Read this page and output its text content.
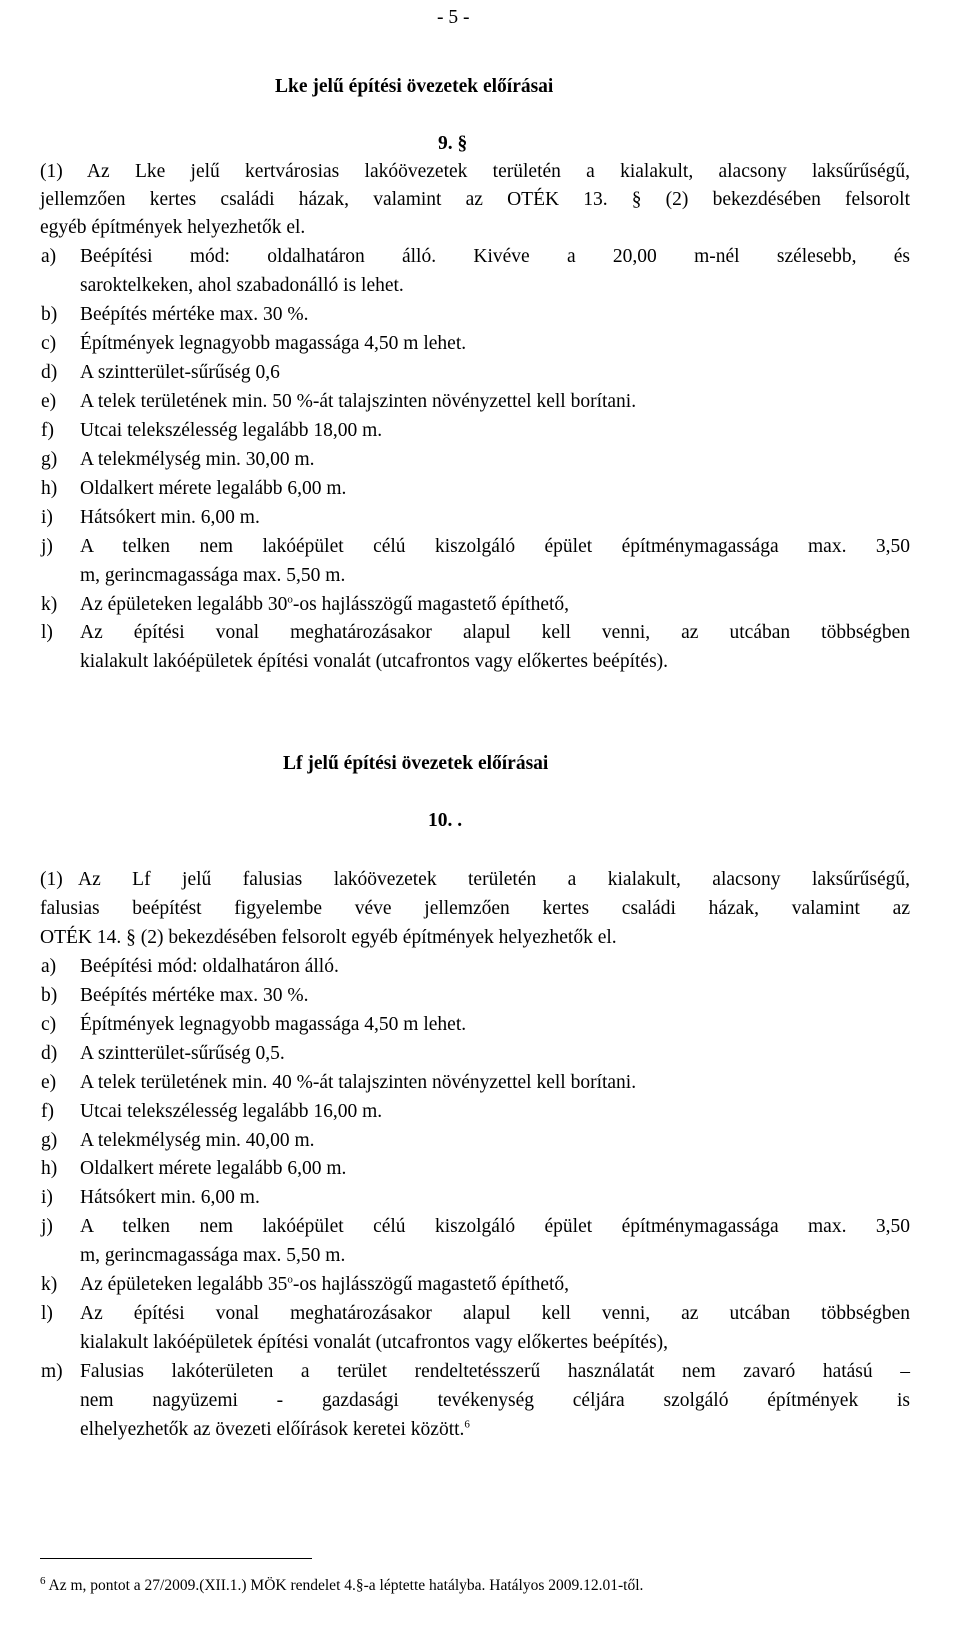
- 5 -
Lke jelű építési övezetek előírásai
9. §
(1) Az Lke jelű kertvárosias lakóövezetek területén a kialakult, alacsony laksűrűségű,
jellemzően kertes családi házak, valamint az OTÉK 13. § (2) bekezdésében felsorolt
egyéb építmények helyezhetők el.
a) Beépítési mód: oldalhatáron álló. Kivéve a 20,00 m-nél szélesebb, és
saroktelkeken, ahol szabadonálló is lehet.
b) Beépítés mértéke max. 30 %.
c) Építmények legnagyobb magassága 4,50 m lehet.
d) A szintterület-sűrűség 0,6
e) A telek területének min. 50 %-át talajszinten növényzettel kell borítani.
f) Utcai telekszélesség legalább 18,00 m.
g) A telekmélység min. 30,00 m.
h) Oldalkert mérete legalább 6,00 m.
i) Hátsókert min. 6,00 m.
j) A telken nem lakóépület célú kiszolgáló épület építménymagassága max. 3,50
m, gerincmagassága max. 5,50 m.
k) Az épületeken legalább 30$^o$-os hajlásszögű magastető építhető,
l) Az építési vonal meghatározásakor alapul kell venni, az utcában többségben
kialakult lakóépületek építési vonalát (utcafrontos vagy előkertes beépítés).
Lf jelű építési övezetek előírásai
10. .
(1) Az Lf jelű falusias lakóövezetek területén a kialakult, alacsony laksűrűségű,
falusias beépítést figyelembe véve jellemzően kertes családi házak, valamint az
OTÉK 14. § (2) bekezdésében felsorolt egyéb építmények helyezhetők el.
a) Beépítési mód: oldalhatáron álló.
b) Beépítés mértéke max. 30 %.
c) Építmények legnagyobb magassága 4,50 m lehet.
d) A szintterület-sűrűség 0,5.
e) A telek területének min. 40 %-át talajszinten növényzettel kell borítani.
f) Utcai telekszélesség legalább 16,00 m.
g) A telekmélység min. 40,00 m.
h) Oldalkert mérete legalább 6,00 m.
i) Hátsókert min. 6,00 m.
j) A telken nem lakóépület célú kiszolgáló épület építménymagassága max. 3,50
m, gerincmagassága max. 5,50 m.
k) Az épületeken legalább 35$^o$-os hajlásszögű magastető építhető,
l) Az építési vonal meghatározásakor alapul kell venni, az utcában többségben
kialakult lakóépületek építési vonalát (utcafrontos vagy előkertes beépítés),
m) Falusias lakóterületen a terület rendeltetésszerű használatát nem zavaró hatású –
nem nagyüzemi - gazdasági tevékenység céljára szolgáló építmények is
elhelyezhetők az övezeti előírások keretei között.$^6$
$^6$ Az m, pontot a 27/2009.(XII.1.) MÖK rendelet 4.§-a léptette hatályba. Hatályos 2009.12.01-től.
